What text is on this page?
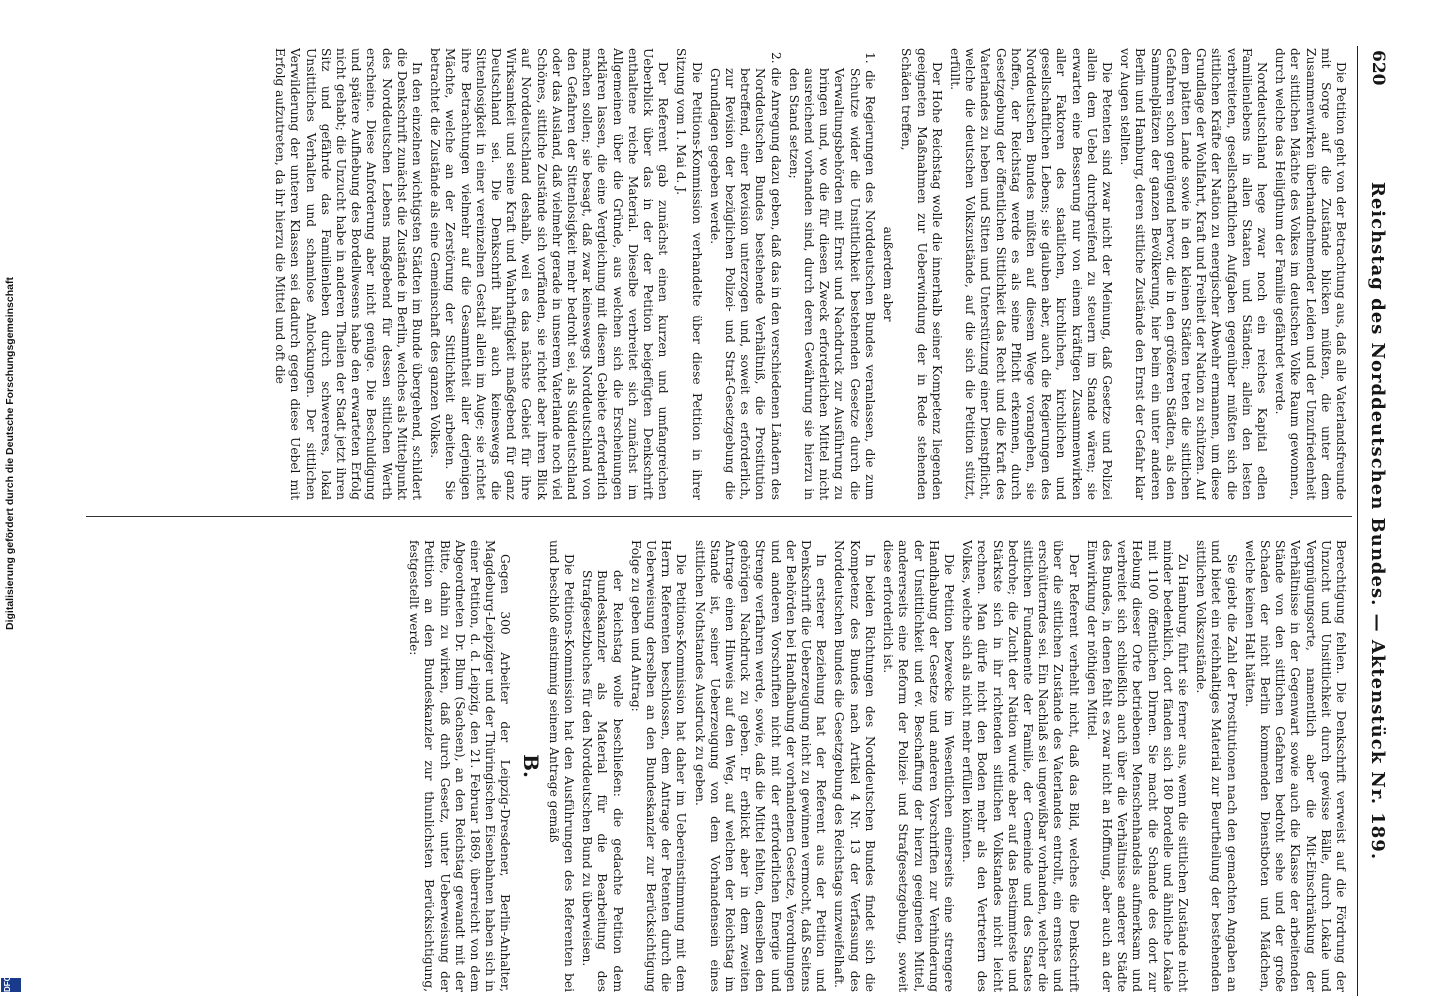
620
Reichstag des Norddeutschen Bundes. — Aktenstück Nr. 189.

Die Petition geht von der Betrachtung aus, daß alle Vaterlandsfreunde mit Sorge auf die Zustände blicken müßten, die unter dem Zusammenwirken überhandnehmender Leiden und der Unzufriedenheit der sittlichen Mächte des Volkes im deutschen Volke Raum gewonnen, durch welche das Heiligthum der Familie gefährdet werde.

Norddeutschland hege zwar noch ein reiches Kapital edlen Familienlebens in allen Staaten und Ständen; allein den lesten verbreiteten, gesellschaftlichen Aufgaben gegenüber müßten sich die sittlichen Kräfte der Nation zu energischer Abwehr ermannen, um diese Grundlage der Wohlfahrt, Kraft und Freiheit der Nation zu schützen. Auf dem platten Lande sowie in den kleinen Städten treten die sittlichen Gefahren schon genügend hervor, die in den größeren Städten, als den Sammelplätzen der ganzen Bevölkerung, hier beim ein unter anderen Berlin und Hamburg, deren sittliche Zustände den Ernst der Gefahr klar vor Augen stellten.

Die Petenten sind zwar nicht der Meinung, daß Gesetze und Polizei allein dem Uebel durchgreifend zu steuern im Stande wären; sie erwarten eine Besserung nur von einem kräftigen Zusammenwirken aller Faktoren des staatlichen, kirchlichen, kirchlichen und gesellschaftlichen Lebens; sie glauben aber, auch die Regierungen des Norddeutschen Bundes müßten auf diesem Wege vorangehen, sie hoffen, der Reichstag werde es als seine Pflicht erkennen, durch Gesetzgebung der öffentlichen Sittlichkeit das Recht und die Kraft des Vaterlandes zu heben und Sitten und Unterstützung einer Dienstpflicht, welche die deutschen Volkszustände, auf die sich die Petition stützt, erfüllt.

Der Hohe Reichstag wolle die innerhalb seiner Kompetenz liegenden geeigneten Maßnahmen zur Ueberwindung der in Rede stehenden Schäden treffen,

außerdem aber

1. die Regierungen des Norddeutschen Bundes veranlassen, die zum Schutze wider die Unsittlichkeit bestehenden Gesetze durch die Verwaltungsbehörden mit Ernst und Nachdruck zur Ausführung zu bringen und, wo die für diesen Zweck erforderlichen Mittel nicht ausreichend vorhanden sind, durch deren Gewährung sie hierzu in den Stand setzen;

2. die Anregung dazu geben, daß das in den verschiedenen Ländern des Norddeutschen Bundes bestehende Verhältniß, die Prostitution betreffend, einer Revision unterzogen und, soweit es erforderlich, zur Revision der bezüglichen Polizei- und Straf-Gesetzgebung die Grundlagen gegeben werde.

Die Petitions-Kommission verhandelte über diese Petition in ihrer Sitzung vom 1. Mai d. J.

Der Referent gab zunächst einen kurzen und umfangreichen Ueberblick über das in der der Petition beigefügten Denkschrift enthaltene reiche Material. Dieselbe verbreitet sich zunächst im Allgemeinen über die Gründe, aus welchen sich die Erscheinungen erklären lassen, die eine Vergleichung mit diesem Gebiete erforderlich machen sollen; sie besagt, daß zwar keineswegs Norddeutschland von den Gefahren der Sittenlosigkeit mehr bedroht sei, als Süddeutschland oder das Ausland, daß vielmehr gerade in unserem Vaterlande noch viel Schönes, sittliche Zustände sich vorfänden, sie richtet aber ihren Blick auf Norddeutschland deshalb, weil es das nächste Gebiet für ihre Wirksamkeit und seine Kraft und Wahrhaftigkeit maßgebend für ganz Deutschland sei. Die Denkschrift hält auch keineswegs die Sittenlosigkeit in einer vereinzelnen Gestalt allein im Auge; sie richtet ihre Betrachtungen vielmehr auf die Gesammtheit aller derjenigen Mächte, welche an der Zerstörung der Sittlichkeit arbeiten. Sie betrachtet die Zustände als eine Gemeinschaft des ganzen Volkes.

In den einzelnen wichtigsten Städten im Bunde übergehend, schildert die Denkschrift zunächst die Zustände in Berlin, welches als Mittelpunkt des Norddeutschen Lebens maßgebend für dessen sittlichen Werth erscheine. Diese Anforderung aber nicht genüge. Die Beschuldigung und spätere Aufhebung des Bordellwesens habe den erwarteten Erfolg nicht gehabt; die Unzucht habe in anderen Theilen der Stadt jetzt ihren Sitz und gefährde das Familienleben durch schwereres, lokal Unsittliches Verhalten und schamlose Anlockungen. Der sittlichen Verwilderung der unteren Klassen sei dadurch gegen diese Uebel mit Erfolg aufzutreten, da ihr hierzu die Mittel und oft die

Berechtigung fehlen. Die Denkschrift verweist auf die Fördrung der Unzucht und Unsittlichkeit durch gewisse Bälle, durch Lokale und Vergnügungsorte, namentlich aber die Mit-Einschränkung der Verhältnisse in der Gegenwart sowie auch die Klasse der arbeitenden Stände von den sittlichen Gefahren bedroht sehe und der große Schaden der nicht Berlin kommenden Dienstboten und Mädchen, welche keinen Halt hätten.

Sie giebt die Zahl der Prostitutionen nach den gemachten Angaben an und bietet ein reichhaltiges Material zur Beurtheilung der bestehenden sittlichen Volkszustände.

Zu Hamburg, führt sie ferner aus, wenn die sittlichen Zustände nicht minder bedenklich, dort fänden sich 180 Bordelle und ähnliche Lokale mit 1100 öffentlichen Dirnen. Sie macht die Schande des dort zur Hebung dieser Orte betriebenen Menschenhandels aufmerksam und verbreitet sich schließlich auch über die Verhältnisse anderer Städte des Bundes, in denen fehlt es zwar nicht an Hoffnung, aber auch an der Einwirkung der nöthigen Mittel.

Der Referent verhehlt nicht, daß das Bild, welches die Denkschrift über die sittlichen Zustände des Vaterlandes entrollt, ein ernstes und erschütterndes sei. Ein Nachlaß sei ungewißbar vorhanden, welcher die sittlichen Fundamente der Familie, der Gemeinde und des Staates bedrohe; die Zucht der Nation wurde aber auf das Bestimmteste und Stärkste sich in ihr richtenden sittlichen Volkstandes nicht leicht rechnen. Man dürfe nicht den Boden mehr als den Vertretern des Volkes, welche sich als nicht mehr erfüllen könnten.

Die Petition bezwecke im Wesentlichen einerseits eine strengere Handhabung der Gesetze und anderen Vorschriften zur Verhinderung der Unsittlichkeit und ev. Beschaffung der hierzu geeigneten Mittel, andererseits eine Reform der Polizei- und Strafgesetzgebung, soweit diese erforderlich ist.

In beiden Richtungen des Norddeutschen Bundes findet sich die Kompetenz des Bundes nach Artikel 4 Nr. 13 der Verfassung des Norddeutschen Bundes die Gesetzgebung des Reichstags unzweifelhaft.

In ersterer Beziehung hat der Referent aus der Petition und Denkschrift die Ueberzeugung nicht zu gewinnen vermocht, daß Seitens der Behörden bei Handhabung der vorhandenen Gesetze, Verordnungen und anderen Vorschriften nicht mit der erforderlichen Energie und Strenge verfahren werde, sowie, daß die Mittel fehlten, denselben den gehörigen Nachdruck zu geben. Er erblickt aber in dem zweiten Antrage einen Hinweis auf den Weg, auf welchen der Reichstag im Stande ist, seiner Ueberzeugung von dem Vorhandensein eines sittlichen Nothstandes Ausdruck zu geben.

Die Petitions-Kommission hat daher im Uebereinstimmung mit dem Herrn Referenten beschlossen, dem Antrage der Petenten durch die Ueberweisung derselben an den Bundeskanzler zur Berücksichtigung Folge zu geben und Antrag:

der Reichstag wolle beschließen: die gedachte Petition dem Bundeskanzler als Material für die Bearbeitung des Strafgesetzbuches für den Norddeutschen Bund zu überweisen.

Die Petitions-Kommission hat den Ausführungen des Referenten bei und beschloß einstimmig seinem Antrage gemäß

B.

Gegen 300 Arbeiter der Leipzig-Dresdener, Berlin-Anhalter, Magdeburg-Leipziger und der Thüringischen Eisenbahnen haben sich in einer Petition, d. d. Leipzig, den 21. Februar 1869, überreicht von dem Abgeordneten Dr. Blum (Sachsen), an den Reichstag gewandt mit der Bitte, dahin zu wirken, daß durch Gesetz, unter Ueberweisung der Petition an den Bundeskanzler zur thunlichsten Berücksichtigung, festgestellt werde:

Digitalisierung gefördert durch die Deutsche Forschungsgemeinschaft
DFG
